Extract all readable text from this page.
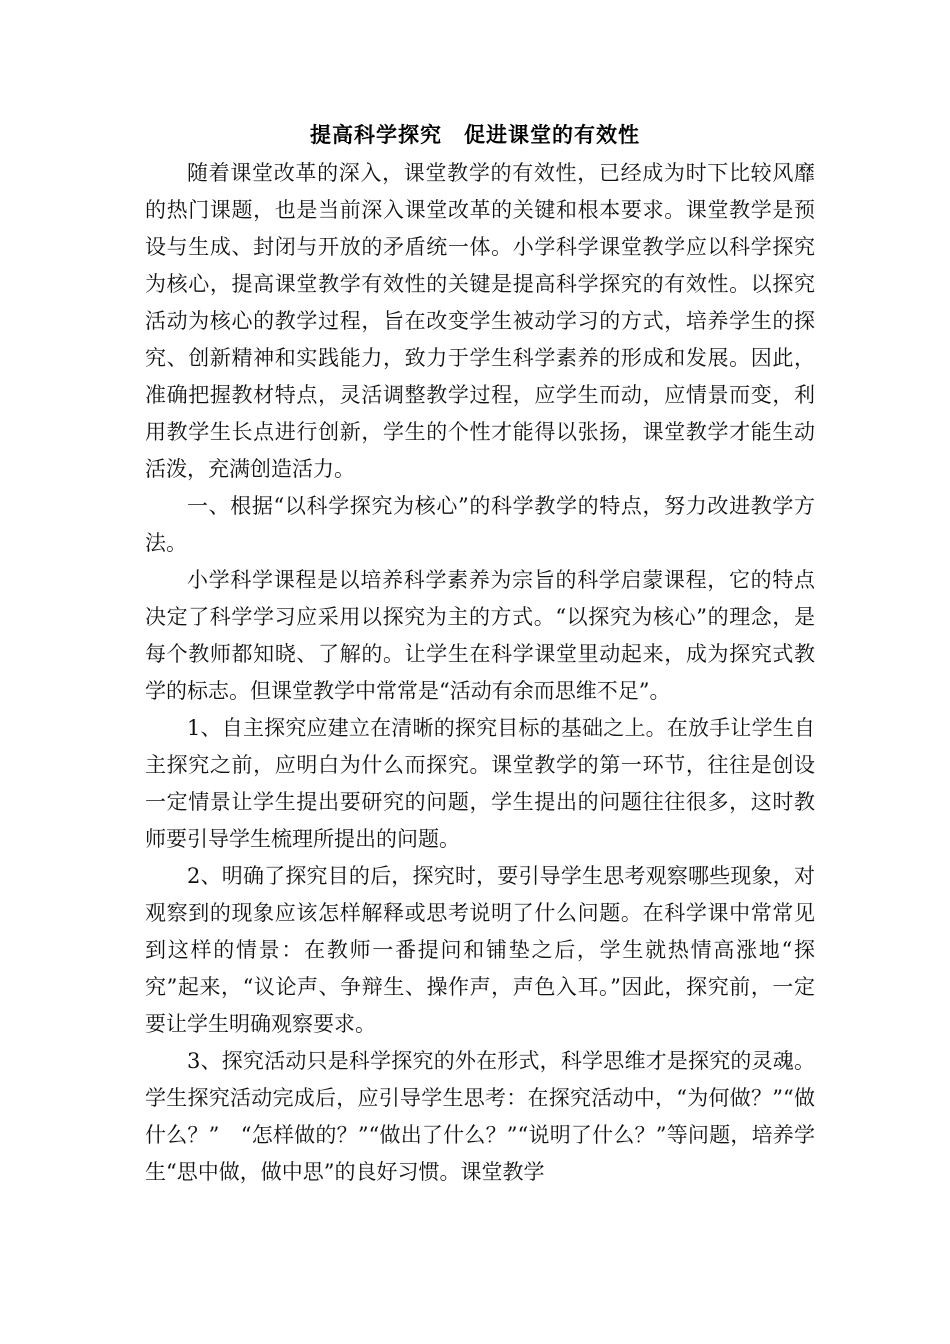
提高科学探究　促进课堂的有效性

随着课堂改革的深入，课堂教学的有效性，已经成为时下比较风靡的热门课题，也是当前深入课堂改革的关键和根本要求。课堂教学是预设与生成、封闭与开放的矛盾统一体。小学科学课堂教学应以科学探究为核心，提高课堂教学有效性的关键是提高科学探究的有效性。以探究活动为核心的教学过程，旨在改变学生被动学习的方式，培养学生的探究、创新精神和实践能力，致力于学生科学素养的形成和发展。因此，准确把握教材特点，灵活调整教学过程，应学生而动，应情景而变，利用教学生长点进行创新，学生的个性才能得以张扬，课堂教学才能生动活泼，充满创造活力。

一、根据“以科学探究为核心”的科学教学的特点，努力改进教学方法。

小学科学课程是以培养科学素养为宗旨的科学启蒙课程，它的特点决定了科学学习应采用以探究为主的方式。“以探究为核心”的理念，是每个教师都知晓、了解的。让学生在科学课堂里动起来，成为探究式教学的标志。但课堂教学中常常是“活动有余而思维不足”。

1、自主探究应建立在清晰的探究目标的基础之上。在放手让学生自主探究之前，应明白为什么而探究。课堂教学的第一环节，往往是创设一定情景让学生提出要研究的问题，学生提出的问题往往很多，这时教师要引导学生梳理所提出的问题。

2、明确了探究目的后，探究时，要引导学生思考观察哪些现象，对观察到的现象应该怎样解释或思考说明了什么问题。在科学课中常常见到这样的情景：在教师一番提问和铺垫之后，学生就热情高涨地“探究”起来，“议论声、争辩生、操作声，声色入耳。”因此，探究前，一定要让学生明确观察要求。

3、探究活动只是科学探究的外在形式，科学思维才是探究的灵魂。学生探究活动完成后，应引导学生思考：在探究活动中，“为何做？”“做什么？”　“怎样做的？”“做出了什么？”“说明了什么？”等问题，培养学生“思中做，做中思”的良好习惯。课堂教学
